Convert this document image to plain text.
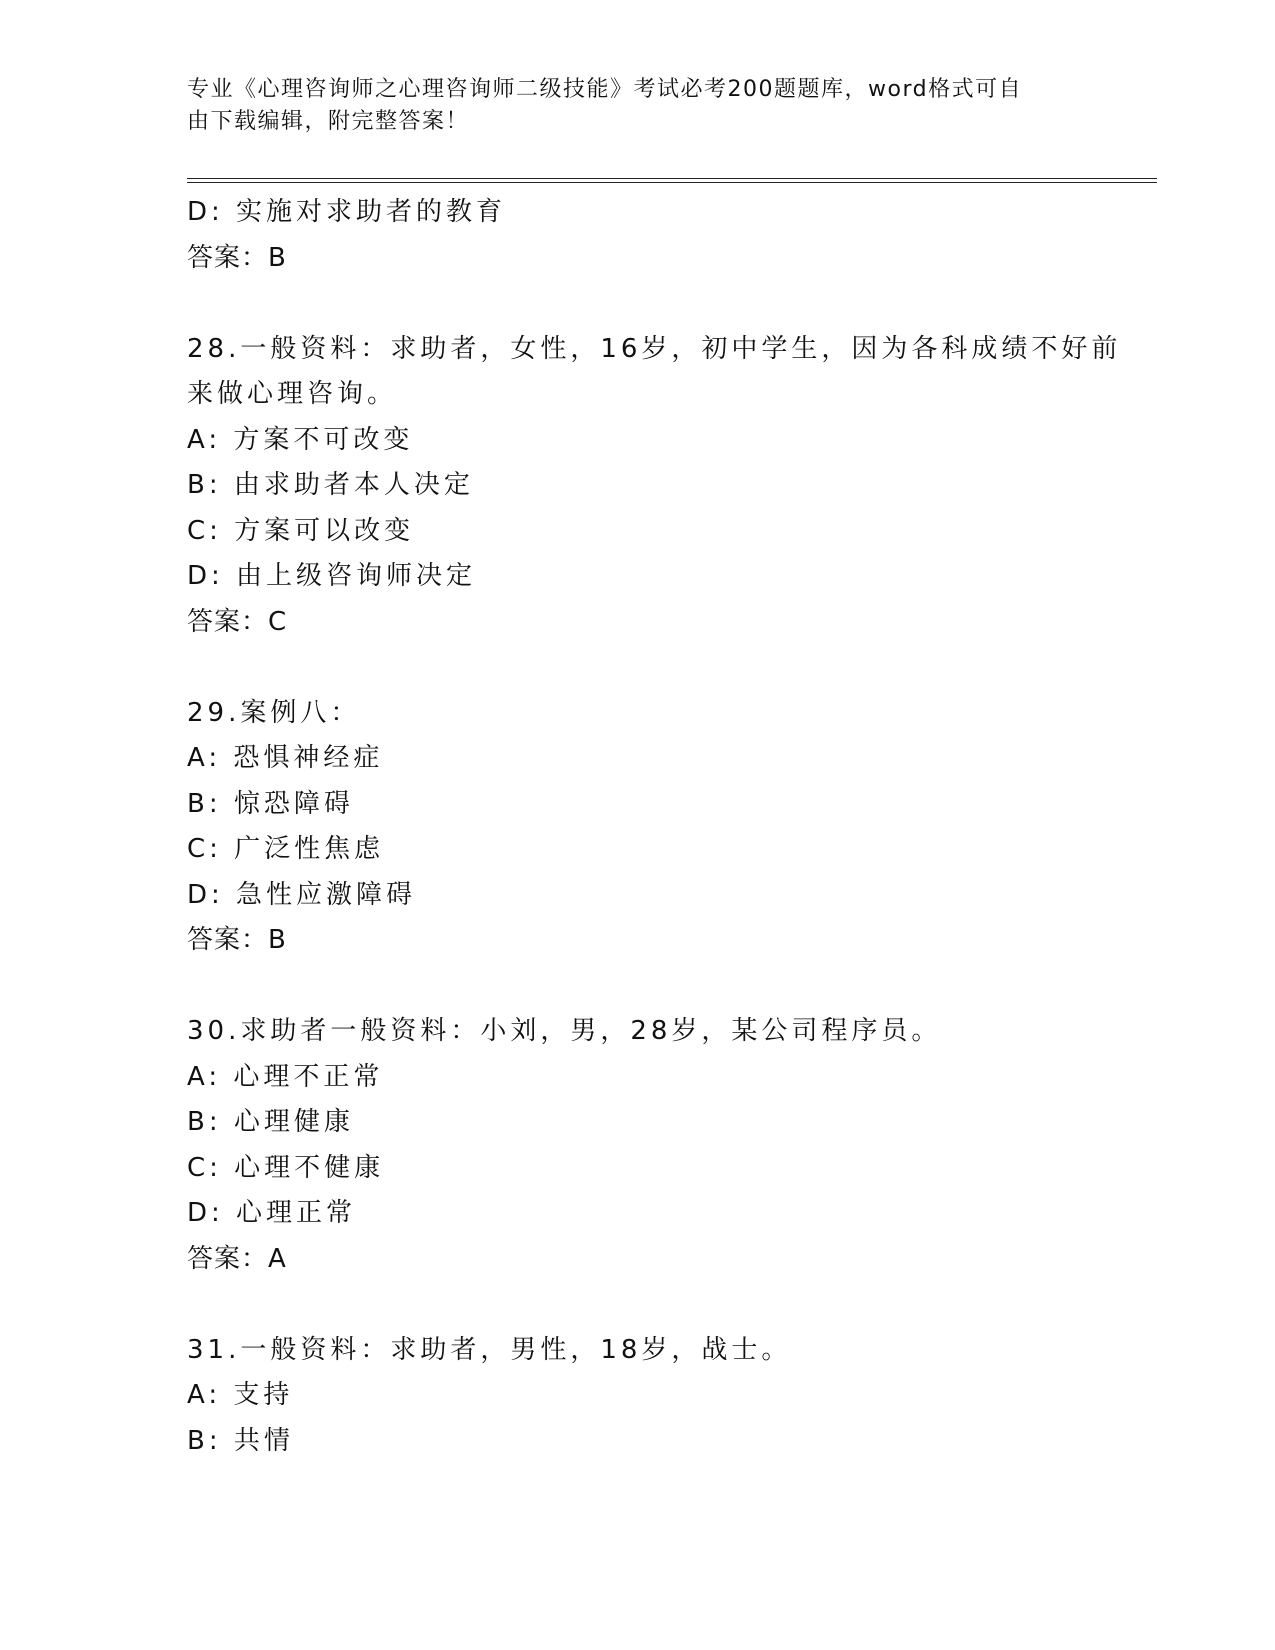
专业《心理咨询师之心理咨询师二级技能》考试必考200题题库，word格式可自
由下载编辑，附完整答案！
D: 实施对求助者的教育
答案：B
28.一般资料：求助者，女性，16岁，初中学生，因为各科成绩不好前
来做心理咨询。
A: 方案不可改变
B: 由求助者本人决定
C: 方案可以改变
D: 由上级咨询师决定
答案：C
29.案例八：
A: 恐惧神经症
B: 惊恐障碍
C: 广泛性焦虑
D: 急性应激障碍
答案：B
30.求助者一般资料：小刘，男，28岁，某公司程序员。
A: 心理不正常
B: 心理健康
C: 心理不健康
D: 心理正常
答案：A
31.一般资料：求助者，男性，18岁，战士。
A: 支持
B: 共情
